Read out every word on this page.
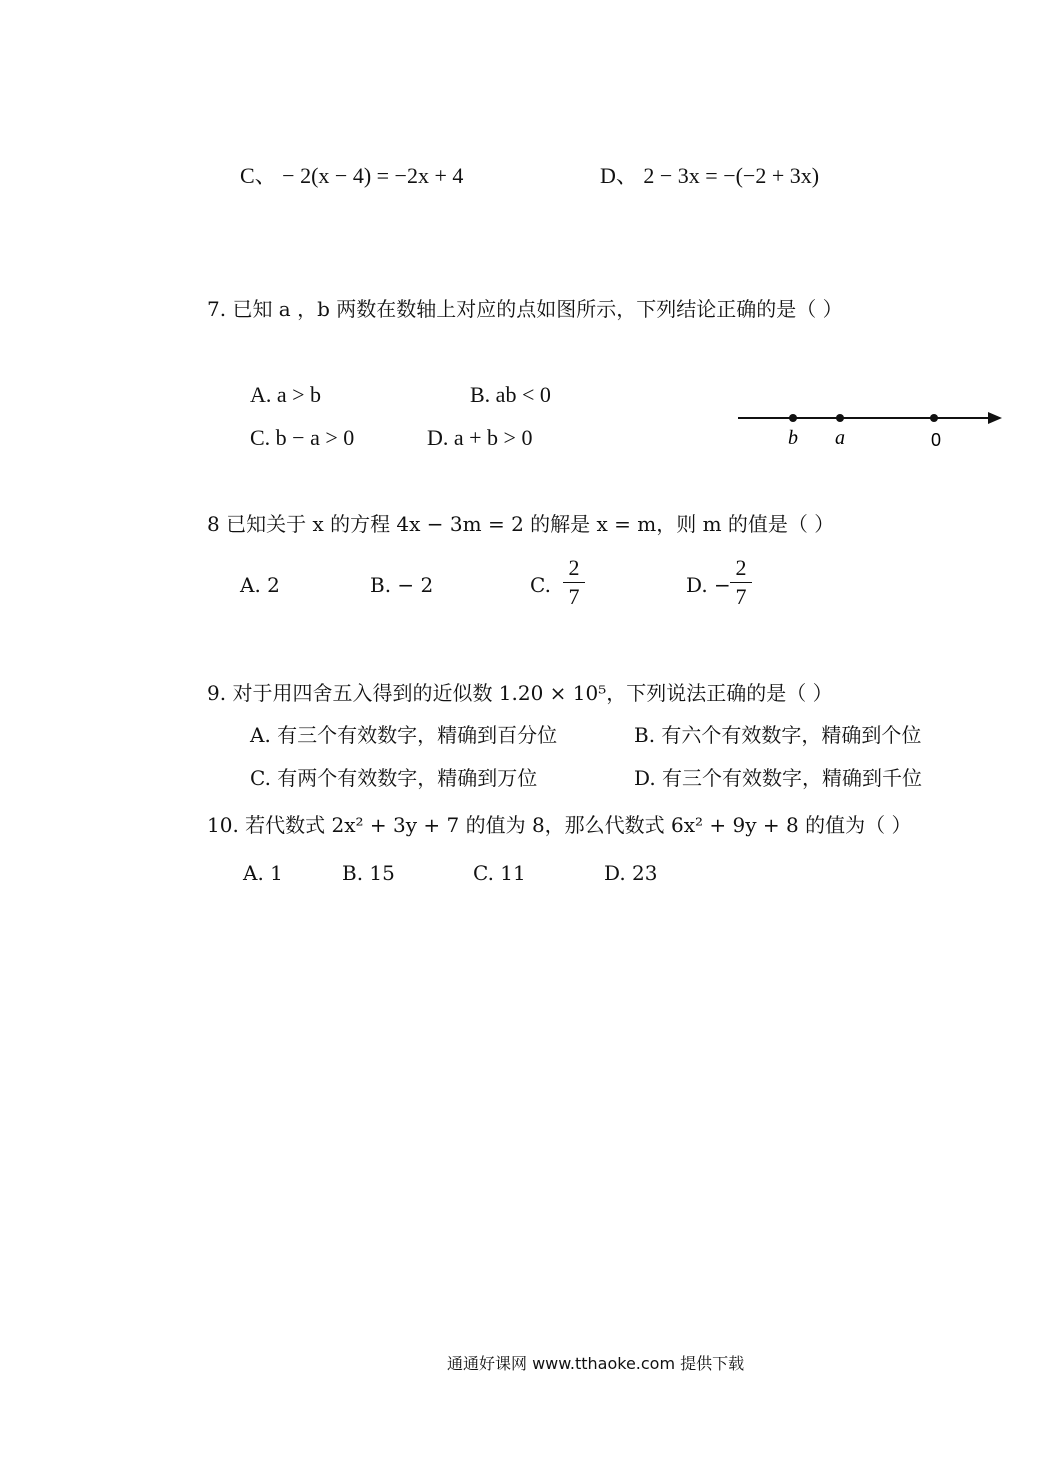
C、 − 2(x − 4) = −2x + 4	D、 2 − 3x = −(−2 + 3x)
7. 已知 a ，b 两数在数轴上对应的点如图所示，下列结论正确的是（ ）
A. a > b	B. ab < 0
C. b − a > 0	D. a + b > 0	b a	0
8 已知关于 x 的方程 4x − 3m = 2 的解是 x = m，则 m 的值是（ ）
A. 2	B. − 2	C.
2
7	D. −
2
7
9. 对于用四舍五入得到的近似数 1.20 × 10⁵，下列说法正确的是（ ）
A. 有三个有效数字，精确到百分位	B. 有六个有效数字，精确到个位
C. 有两个有效数字，精确到万位	D. 有三个有效数字，精确到千位
10. 若代数式 2x² + 3y + 7 的值为 8，那么代数式 6x² + 9y + 8 的值为（ ）
A. 1	B. 15	C. 11	D. 23
通通好课网 www.tthaoke.com 提供下载
